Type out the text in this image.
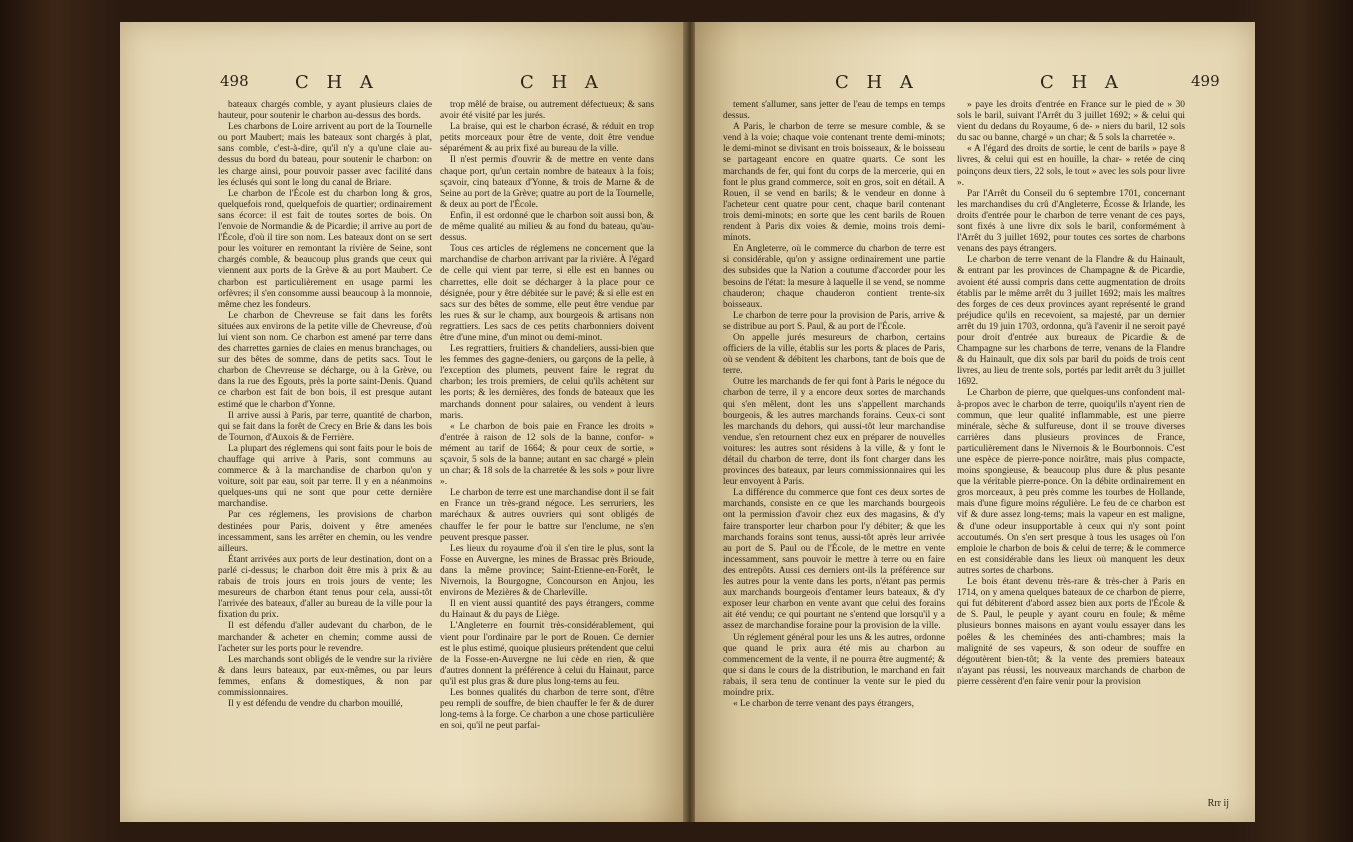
498	C H A	C H A

bateaux chargés comble, y ayant plusieurs claies de hauteur, pour soutenir le charbon au-dessus des bords.

Les charbons de Loire arrivent au port de la Tournelle ou port Maubert; mais les bateaux sont chargés à plat, sans comble, c'est-à-dire, qu'il n'y a qu'une claie au-dessus du bord du bateau, pour soutenir le charbon: on les charge ainsi, pour pouvoir passer avec facilité dans les éclusés qui sont le long du canal de Briare.

Le charbon de l'École est du charbon long & gros, quelquefois rond, quelquefois de quartier; ordinairement sans écorce: il est fait de toutes sortes de bois. On l'envoie de Normandie & de Picardie; il arrive au port de l'École, d'où il tire son nom. Les bateaux dont on se sert pour les voiturer en remontant la rivière de Seine, sont chargés comble, & beaucoup plus grands que ceux qui viennent aux ports de la Grève & au port Maubert. Ce charbon est particulièrement en usage parmi les orfèvres; il s'en consomme aussi beaucoup à la monnoie, même chez les fondeurs.

Le charbon de Chevreuse se fait dans les forêts situées aux environs de la petite ville de Chevreuse, d'où lui vient son nom. Ce charbon est amené par terre dans des charrettes garnies de claies en menus branchages, ou sur des bêtes de somme, dans de petits sacs. Tout le charbon de Chevreuse se décharge, ou à la Grève, ou dans la rue des Egouts, près la porte saint-Denis. Quand ce charbon est fait de bon bois, il est presque autant estimé que le charbon d'Yonne.

Il arrive aussi à Paris, par terre, quantité de charbon, qui se fait dans la forêt de Crecy en Brie & dans les bois de Tournon, d'Auxois & de Ferrière.

La plupart des réglemens qui sont faits pour le bois de chauffage qui arrive à Paris, sont communs au commerce & à la marchandise de charbon qu'on y voiture, soit par eau, soit par terre. Il y en a néanmoins quelques-uns qui ne sont que pour cette dernière marchandise.

Par ces réglemens, les provisions de charbon destinées pour Paris, doivent y être amenées incessamment, sans les arrêter en chemin, ou les vendre ailleurs.

Étant arrivées aux ports de leur destination, dont on a parlé ci-dessus; le charbon doit être mis à prix & au rabais de trois jours en trois jours de vente; les mesureurs de charbon étant tenus pour cela, aussi-tôt l'arrivée des bateaux, d'aller au bureau de la ville pour la fixation du prix.

Il est défendu d'aller audevant du charbon, de le marchander & acheter en chemin; comme aussi de l'acheter sur les ports pour le revendre.

Les marchands sont obligés de le vendre sur la rivière & dans leurs bateaux, par eux-mêmes, ou par leurs femmes, enfans & domestiques, & non par commissionnaires.

Il y est défendu de vendre du charbon mouillé,

trop mêlé de braise, ou autrement défectueux; & sans avoir été visité par les jurés.

La braise, qui est le charbon écrasé, & réduit en trop petits morceaux pour être de vente, doit être vendue séparément & au prix fixé au bureau de la ville.

Il n'est permis d'ouvrir & de mettre en vente dans chaque port, qu'un certain nombre de bateaux à la fois; sçavoir, cinq bateaux d'Yonne, & trois de Marne & de Seine au port de la Grève; quatre au port de la Tournelle, & deux au port de l'École.

Enfin, il est ordonné que le charbon soit aussi bon, & de même qualité au milieu & au fond du bateau, qu'au-dessus.

Tous ces articles de réglemens ne concernent que la marchandise de charbon arrivant par la rivière. À l'égard de celle qui vient par terre, si elle est en bannes ou charrettes, elle doit se décharger à la place pour ce désignée, pour y être débitée sur le pavé; & si elle est en sacs sur des bêtes de somme, elle peut être vendue par les rues & sur le champ, aux bourgeois & artisans non regrattiers. Les sacs de ces petits charbonniers doivent être d'une mine, d'un minot ou demi-minot.

Les regrattiers, fruitiers & chandeliers, aussi-bien que les femmes des gagne-deniers, ou garçons de la pelle, à l'exception des plumets, peuvent faire le regrat du charbon; les trois premiers, de celui qu'ils achètent sur les ports; & les dernières, des fonds de bateaux que les marchands donnent pour salaires, ou vendent à leurs maris.

« Le charbon de bois paie en France les droits » d'entrée à raison de 12 sols de la banne, confor- » mément au tarif de 1664; & pour ceux de sortie, » sçavoir, 5 sols de la banne; autant en sac chargé » plein un char; & 18 sols de la charretée & les sols » pour livre ».

Le charbon de terre est une marchandise dont il se fait en France un très-grand négoce. Les serruriers, les maréchaux & autres ouvriers qui sont obligés de chauffer le fer pour le battre sur l'enclume, ne s'en peuvent presque passer.

Les lieux du royaume d'où il s'en tire le plus, sont la Fosse en Auvergne, les mines de Brassac près Brioude, dans la même province; Saint-Etienne-en-Forêt, le Nivernois, la Bourgogne, Concourson en Anjou, les environs de Mezières & de Charleville.

Il en vient aussi quantité des pays étrangers, comme du Hainaut & du pays de Liège.

L'Angleterre en fournit très-considérablement, qui vient pour l'ordinaire par le port de Rouen. Ce dernier est le plus estimé, quoique plusieurs prétendent que celui de la Fosse-en-Auvergne ne lui cède en rien, & que d'autres donnent la préférence à celui du Hainaut, parce qu'il est plus gras & dure plus long-tems au feu.

Les bonnes qualités du charbon de terre sont, d'être peu rempli de souffre, de bien chauffer le fer & de durer long-tems à la forge. Ce charbon a une chose particulière en soi, qu'il ne peut parfai-

C H A	C H A	499

tement s'allumer, sans jetter de l'eau de temps en temps dessus.

A Paris, le charbon de terre se mesure comble, & se vend à la voie; chaque voie contenant trente demi-minots; le demi-minot se divisant en trois boisseaux, & le boisseau se partageant encore en quatre quarts. Ce sont les marchands de fer, qui font du corps de la mercerie, qui en font le plus grand commerce, soit en gros, soit en détail. A Rouen, il se vend en barils; & le vendeur en donne à l'acheteur cent quatre pour cent, chaque baril contenant trois demi-minots; en sorte que les cent barils de Rouen rendent à Paris dix voies & demie, moins trois demi-minots.

En Angleterre, où le commerce du charbon de terre est si considérable, qu'on y assigne ordinairement une partie des subsides que la Nation a coutume d'accorder pour les besoins de l'état: la mesure à laquelle il se vend, se nomme chauderon; chaque chauderon contient trente-six boisseaux.

Le charbon de terre pour la provision de Paris, arrive & se distribue au port S. Paul, & au port de l'École.

On appelle jurés mesureurs de charbon, certains officiers de la ville, établis sur les ports & places de Paris, où se vendent & débitent les charbons, tant de bois que de terre.

Outre les marchands de fer qui font à Paris le négoce du charbon de terre, il y a encore deux sortes de marchands qui s'en mêlent, dont les uns s'appellent marchands bourgeois, & les autres marchands forains. Ceux-ci sont les marchands du dehors, qui aussi-tôt leur marchandise vendue, s'en retournent chez eux en préparer de nouvelles voitures: les autres sont résidens à la ville, & y font le détail du charbon de terre, dont ils font charger dans les provinces des bateaux, par leurs commissionnaires qui les leur envoyent à Paris.

La différence du commerce que font ces deux sortes de marchands, consiste en ce que les marchands bourgeois ont la permission d'avoir chez eux des magasins, & d'y faire transporter leur charbon pour l'y débiter; & que les marchands forains sont tenus, aussi-tôt après leur arrivée au port de S. Paul ou de l'École, de le mettre en vente incessamment, sans pouvoir le mettre à terre ou en faire des entrepôts. Aussi ces derniers ont-ils la préférence sur les autres pour la vente dans les ports, n'étant pas permis aux marchands bourgeois d'entamer leurs bateaux, & d'y exposer leur charbon en vente avant que celui des forains ait été vendu; ce qui pourtant ne s'entend que lorsqu'il y a assez de marchandise foraine pour la provision de la ville.

Un réglement général pour les uns & les autres, ordonne que quand le prix aura été mis au charbon au commencement de la vente, il ne pourra être augmenté; & que si dans le cours de la distribution, le marchand en fait rabais, il sera tenu de continuer la vente sur le pied du moindre prix.

« Le charbon de terre venant des pays étrangers,

» paye les droits d'entrée en France sur le pied de » 30 sols le baril, suivant l'Arrêt du 3 juillet 1692; » & celui qui vient du dedans du Royaume, 6 de- » niers du baril, 12 sols du sac ou banne, chargé » un char; & 5 sols la charretée ».

« A l'égard des droits de sortie, le cent de barils » paye 8 livres, & celui qui est en houille, la char- » retée de cinq poinçons deux tiers, 22 sols, le tout » avec les sols pour livre ».

Par l'Arrêt du Conseil du 6 septembre 1701, concernant les marchandises du crû d'Angleterre, Écosse & Irlande, les droits d'entrée pour le charbon de terre venant de ces pays, sont fixés à une livre dix sols le baril, conformément à l'Arrêt du 3 juillet 1692, pour toutes ces sortes de charbons venans des pays étrangers.

Le charbon de terre venant de la Flandre & du Hainault, & entrant par les provinces de Champagne & de Picardie, avoient été aussi compris dans cette augmentation de droits établis par le même arrêt du 3 juillet 1692; mais les maîtres des forges de ces deux provinces ayant représenté le grand préjudice qu'ils en recevoient, sa majesté, par un dernier arrêt du 19 juin 1703, ordonna, qu'à l'avenir il ne seroit payé pour droit d'entrée aux bureaux de Picardie & de Champagne sur les charbons de terre, venans de la Flandre & du Hainault, que dix sols par baril du poids de trois cent livres, au lieu de trente sols, portés par ledit arrêt du 3 juillet 1692.

Le Charbon de pierre, que quelques-uns confondent mal-à-propos avec le charbon de terre, quoiqu'ils n'ayent rien de commun, que leur qualité inflammable, est une pierre minérale, sèche & sulfureuse, dont il se trouve diverses carrières dans plusieurs provinces de France, particulièrement dans le Nivernois & le Bourbonnois. C'est une espèce de pierre-ponce noirâtre, mais plus compacte, moins spongieuse, & beaucoup plus dure & plus pesante que la véritable pierre-ponce. On la débite ordinairement en gros morceaux, à peu près comme les tourbes de Hollande, mais d'une figure moins régulière. Le feu de ce charbon est vif & dure assez long-tems; mais la vapeur en est maligne, & d'une odeur insupportable à ceux qui n'y sont point accoutumés. On s'en sert presque à tous les usages où l'on emploie le charbon de bois & celui de terre; & le commerce en est considérable dans les lieux où manquent les deux autres sortes de charbons.

Le bois étant devenu très-rare & très-cher à Paris en 1714, on y amena quelques bateaux de ce charbon de pierre, qui fut débiterent d'abord assez bien aux ports de l'École & de S. Paul, le peuple y ayant couru en foule; & même plusieurs bonnes maisons en ayant voulu essayer dans les poêles & les cheminées des anti-chambres; mais la malignité de ses vapeurs, & son odeur de souffre en dégoutèrent bien-tôt; & la vente des premiers bateaux n'ayant pas réussi, les nouveaux marchands de charbon de pierre cessèrent d'en faire venir pour la provision

Rrr ij
